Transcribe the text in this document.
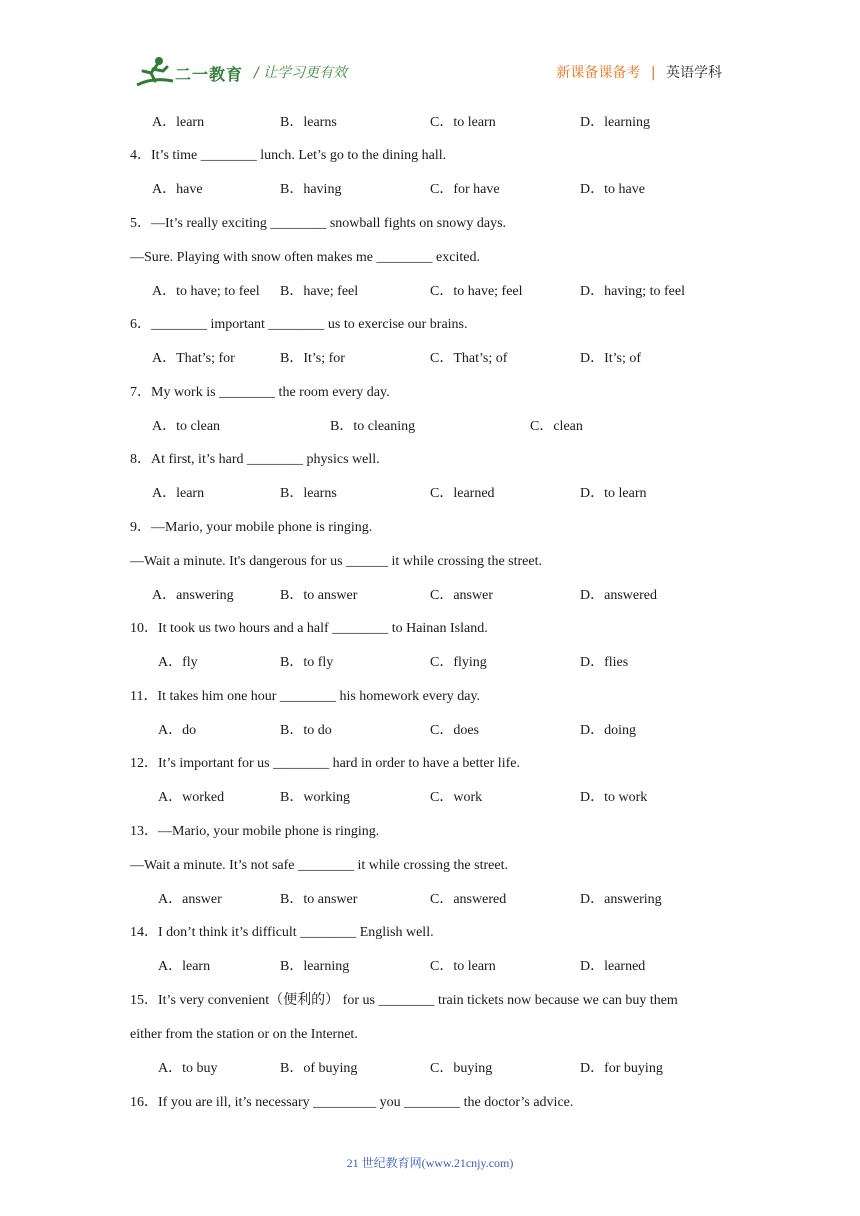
二一教育 / 让学习更有效	新课备课备考 | 英语学科
A．learn	B．learns	C．to learn	D．learning
4．It’s time ________ lunch. Let’s go to the dining hall.
A．have	B．having	C．for have	D．to have
5．—It’s really exciting ________ snowball fights on snowy days.
—Sure. Playing with snow often makes me ________ excited.
A．to have; to feel B．have; feel	C．to have; feel	D．having; to feel
6．________ important ________ us to exercise our brains.
A．That’s; for	B．It’s; for	C．That’s; of	D．It’s; of
7．My work is ________ the room every day.
A．to clean	B．to cleaning	C．clean
8．At first, it’s hard ________ physics well.
A．learn	B．learns	C．learned	D．to learn
9．—Mario, your mobile phone is ringing.
—Wait a minute. It's dangerous for us ______ it while crossing the street.
A．answering	B．to answer	C．answer	D．answered
10．It took us two hours and a half ________ to Hainan Island.
A．fly	B．to fly	C．flying	D．flies
11．It takes him one hour ________ his homework every day.
A．do	B．to do	C．does	D．doing
12．It’s important for us ________ hard in order to have a better life.
A．worked	B．working	C．work	D．to work
13．—Mario, your mobile phone is ringing.
—Wait a minute. It’s not safe ________ it while crossing the street.
A．answer	B．to answer	C．answered	D．answering
14．I don’t think it’s difficult ________ English well.
A．learn	B．learning	C．to learn	D．learned
15．It’s very convenient（便利的） for us ________ train tickets now because we can buy them
either from the station or on the Internet.
A．to buy	B．of buying	C．buying	D．for buying
16．If you are ill, it’s necessary _________ you ________ the doctor’s advice.
21 世纪教育网(www.21cnjy.com)
